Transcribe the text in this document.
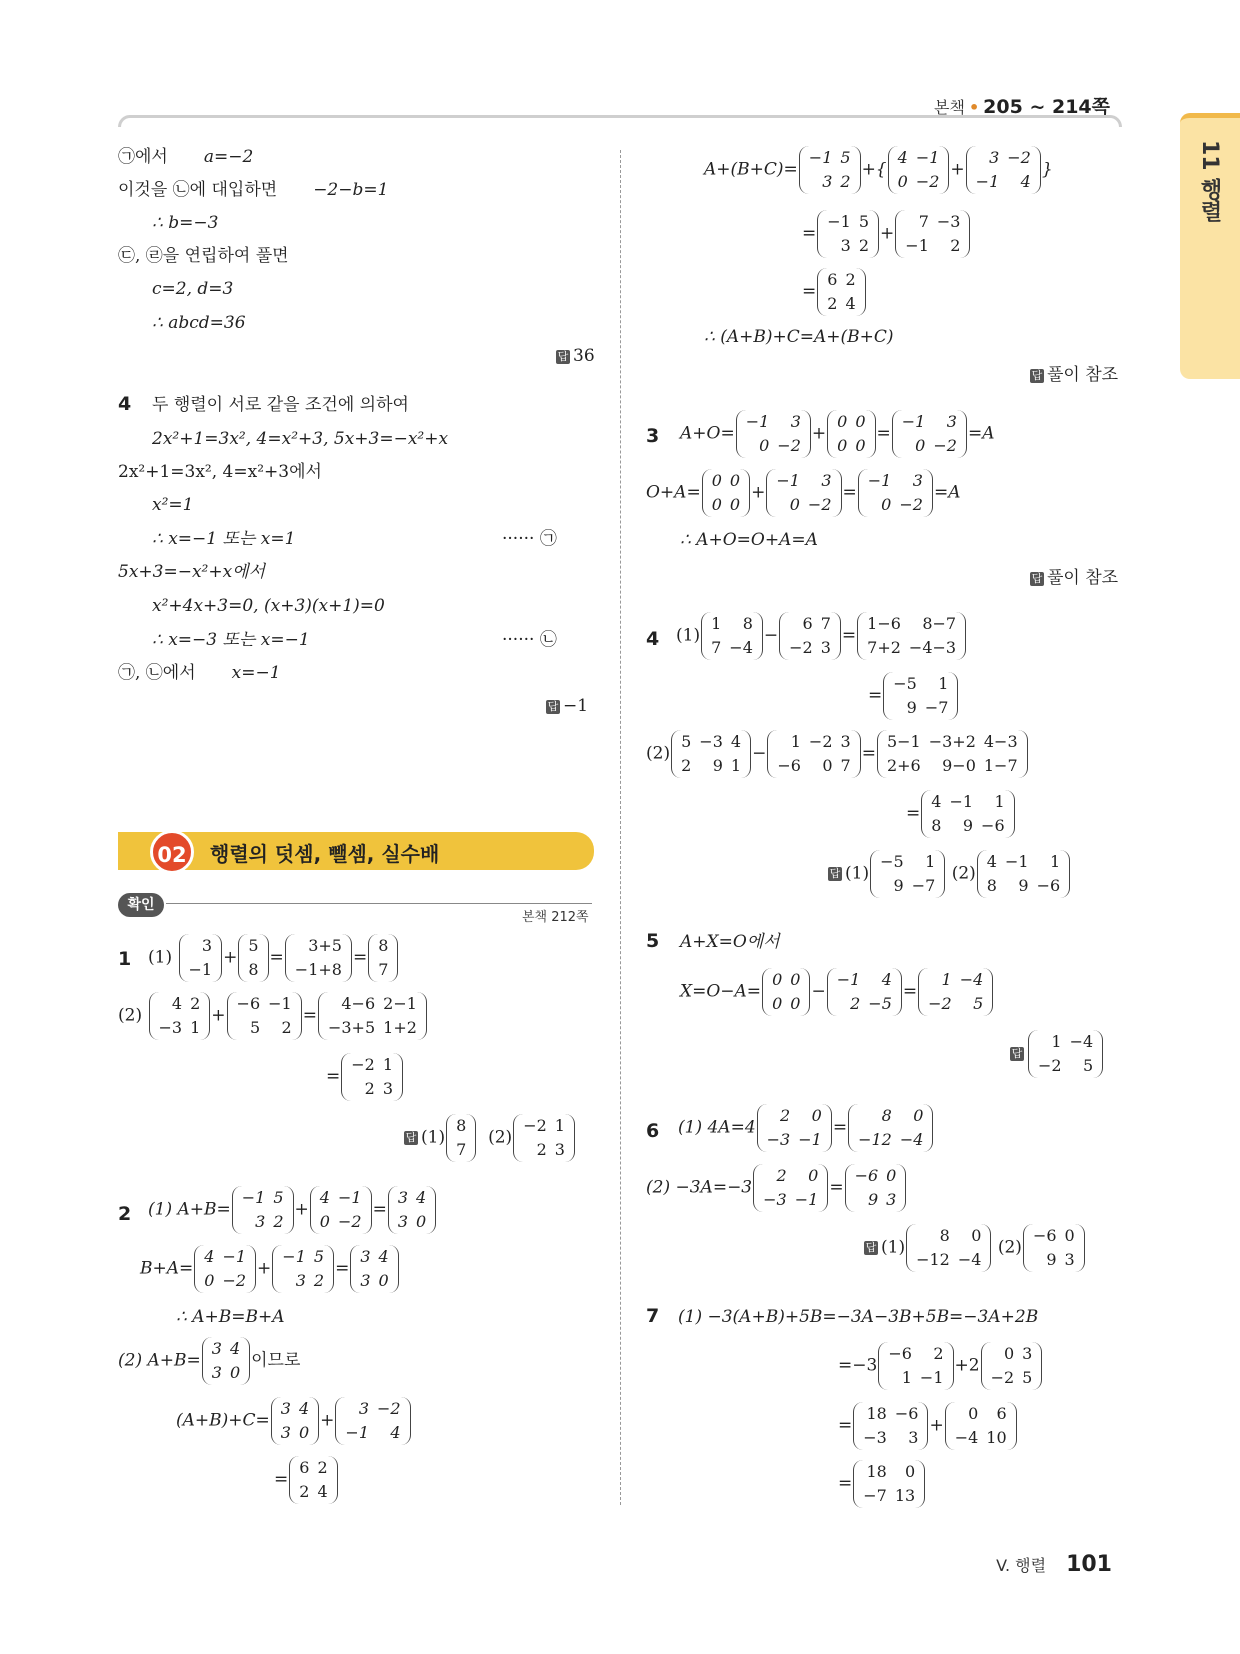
본책 • 205 ~ 214쪽
11 행렬
㉠에서 a=−2
이것을 ㉡에 대입하면 −2−b=1
∴ b=−3
㉢, ㉣을 연립하여 풀면
c=2, d=3
∴ abcd=36
답 36
4 두 행렬이 서로 같을 조건에 의하여
2x²+1=3x², 4=x²+3, 5x+3=−x²+x
2x²+1=3x², 4=x²+3에서
x²=1
∴ x=−1 또는 x=1	······ ㉠
5x+3=−x²+x에서
x²+4x+3=0, (x+3)(x+1)=0
∴ x=−3 또는 x=−1	······ ㉡
㉠, ㉡에서 x=−1
답 −1
02	행렬의 덧셈, 뺄셈, 실수배
확인
본책 212쪽
1 (1)
3
−1
+
5
8
=
3+5
−1+8
=
8
7
(2)
4	2
−3	1
+
−6	−1
5	2
=
4−6	2−1
−3+5	1+2
=
−2	1
2	3
답 (1)
8
7
(2)
−2	1
2	3
2 (1) A+B=
−1	5
3	2
+
4	−1
0	−2
=
3	4
3	0
B+A=
4	−1
0	−2
+
−1	5
3	2
=
3	4
3	0
∴ A+B=B+A
(2) A+B=
3	4
3	0
이므로
(A+B)+C=
3	4
3	0
+
3	−2
−1	4
=
6	2
2	4
A+(B+C)=
−1	5
3	2
+{
4	−1
0	−2
+
3	−2
−1	4
}
=
−1	5
3	2
+
7	−3
−1	2
=
6	2
2	4
∴ (A+B)+C=A+(B+C)
답 풀이 참조
3 A+O=
−1	3
0	−2
+
0	0
0	0
=
−1	3
0	−2
=A
O+A=
0	0
0	0
+
−1	3
0	−2
=
−1	3
0	−2
=A
∴ A+O=O+A=A
답 풀이 참조
4 (1)
1	8
7	−4
−
6	7
−2	3
=
1−6	8−7
7+2	−4−3
=
−5	1
9	−7
(2)
5	−3	4
2	9	1
−
1	−2	3
−6	0	7
=
5−1	−3+2	4−3
2+6	9−0	1−7
=
4	−1	1
8	9	−6
답 (1)
−5	1
9	−7
(2)
4	−1	1
8	9	−6
5 A+X=O에서
X=O−A=
0	0
0	0
−
−1	4
2	−5
=
1	−4
−2	5
답
1	−4
−2	5
6 (1) 4A=4
2	0
−3	−1
=
8	0
−12	−4
(2) −3A=−3
2	0
−3	−1
=
−6	0
9	3
답 (1)
8	0
−12	−4
(2)
−6	0
9	3
7 (1) −3(A+B)+5B=−3A−3B+5B=−3A+2B
=−3
−6	2
1	−1
+2
0	3
−2	5
=
18	−6
−3	3
+
0	6
−4	10
=
18	0
−7	13
V. 행렬 101
